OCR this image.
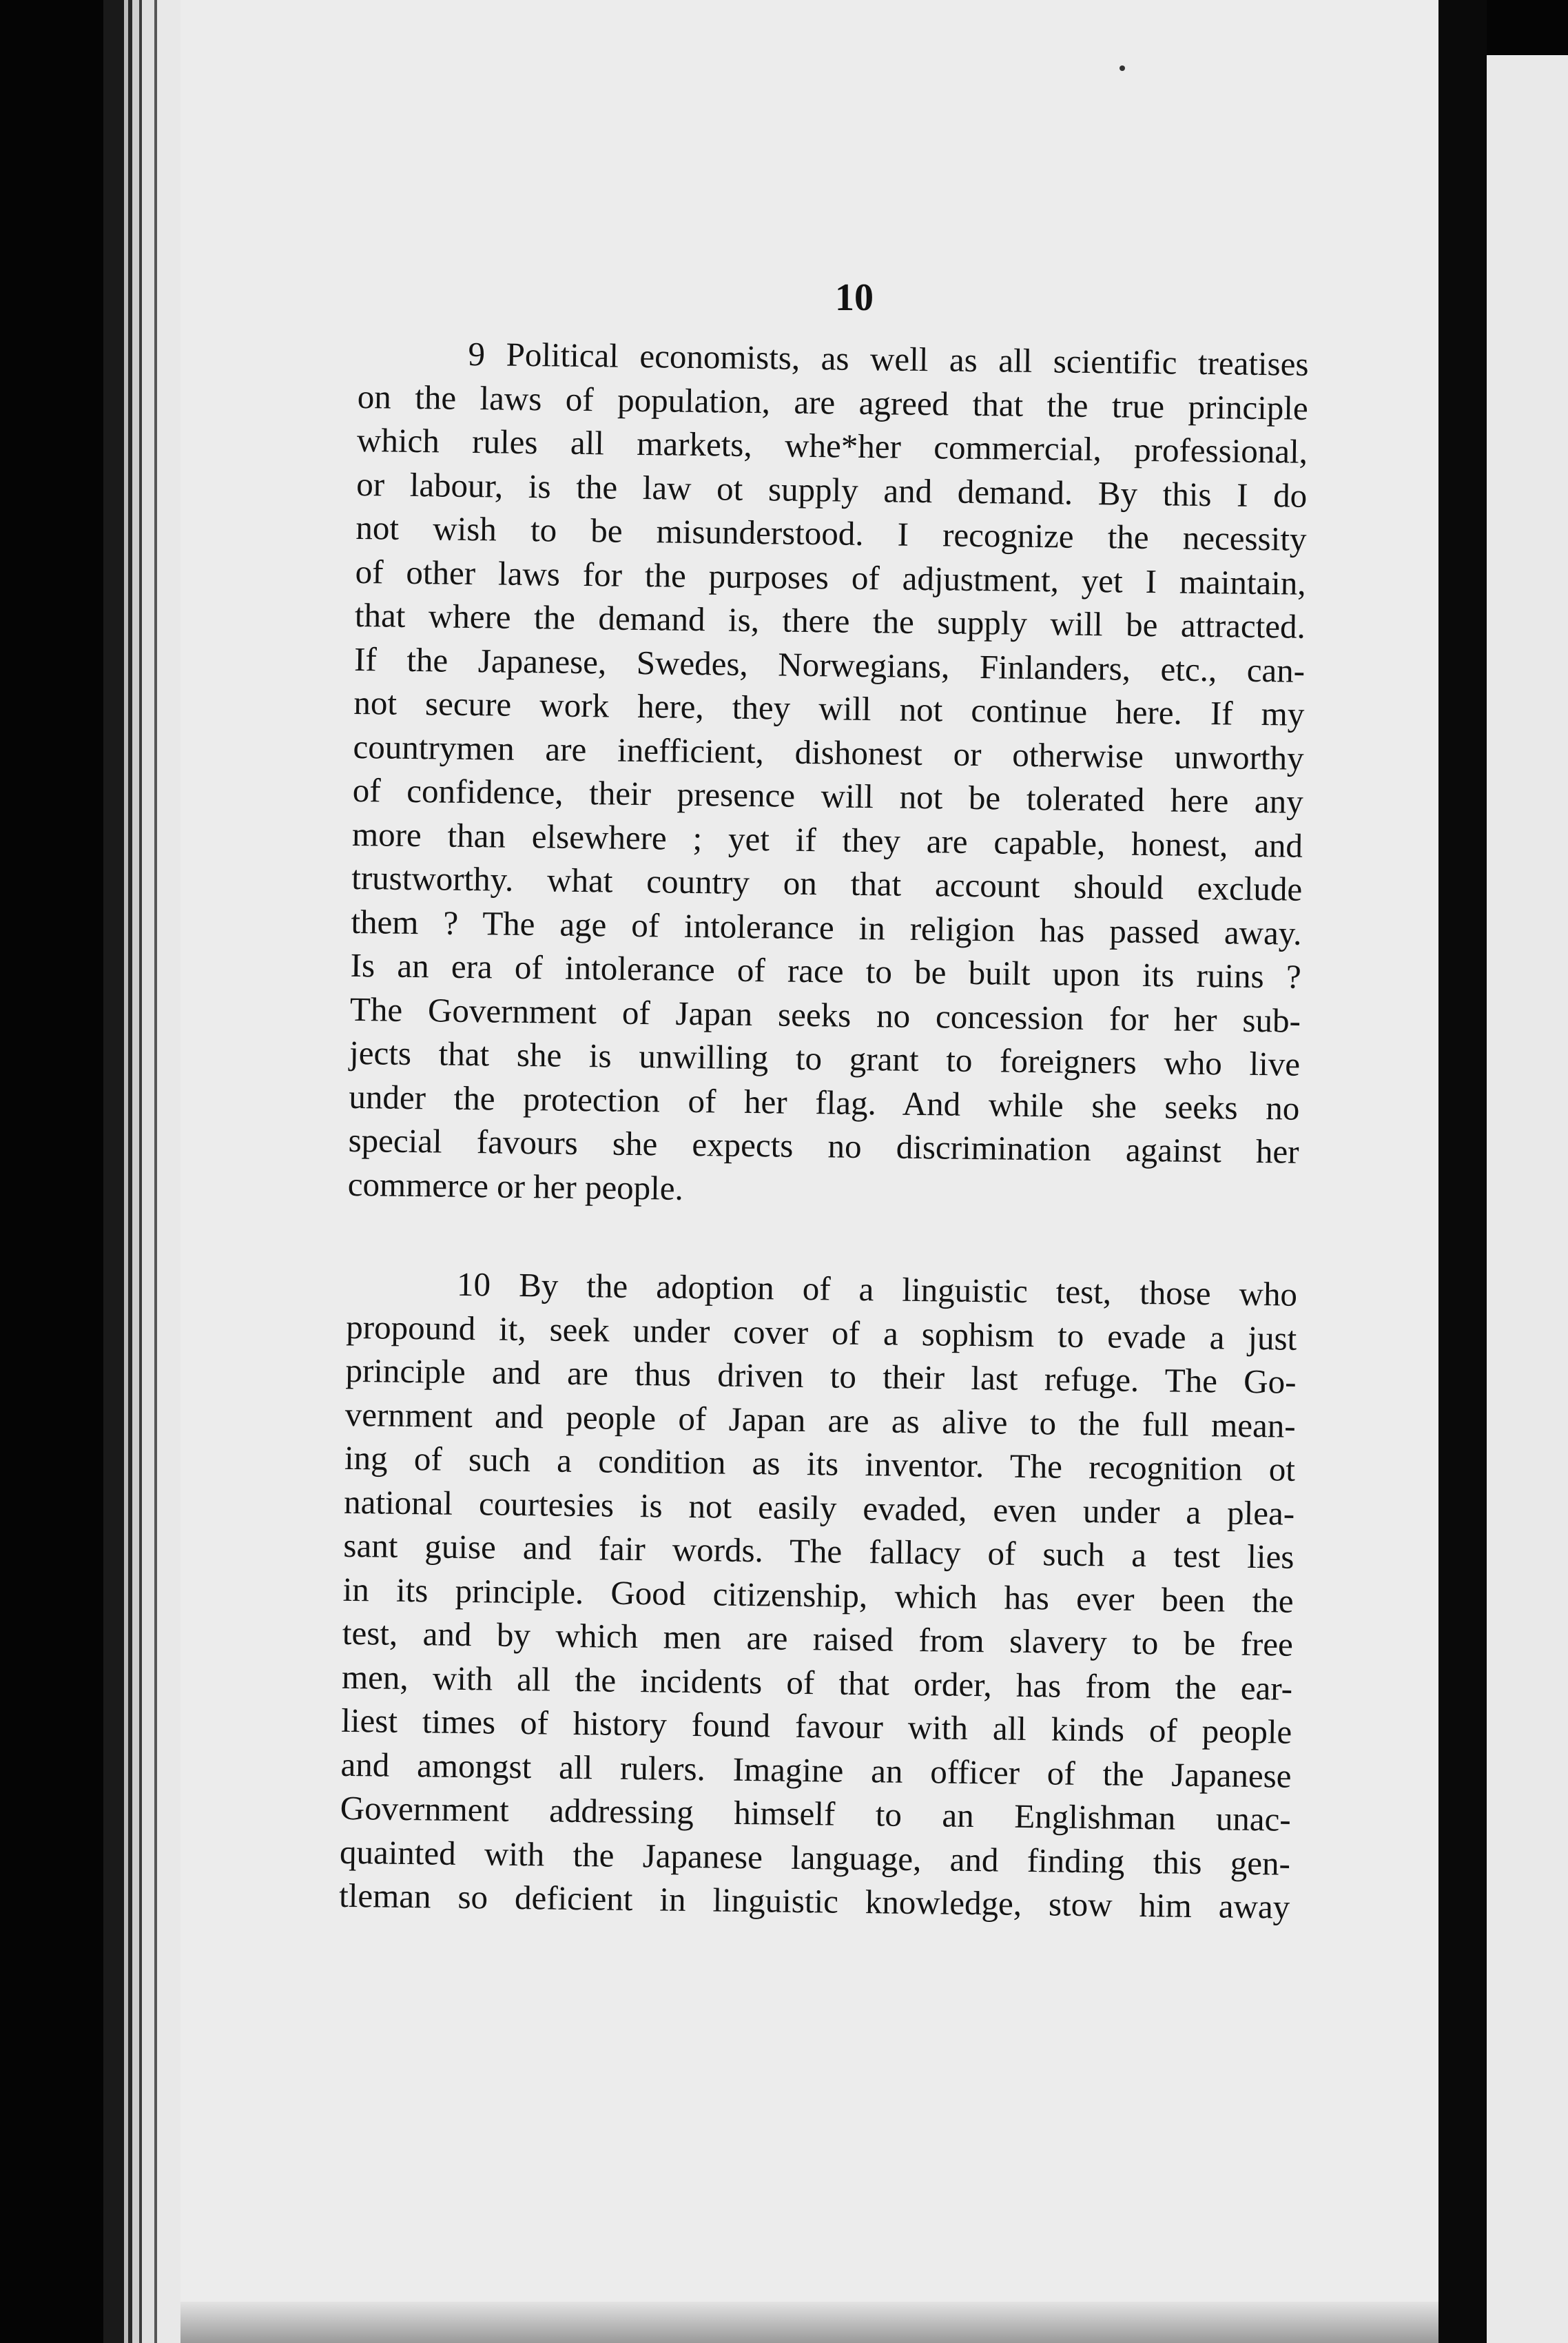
10
9 Political economists, as well as all scientific treatises
on the laws of population, are agreed that the true principle
which rules all markets, whe*her commercial, professional,
or labour, is the law ot supply and demand. By this I do
not wish to be misunderstood. I recognize the necessity
of other laws for the purposes of adjustment, yet I maintain,
that where the demand is, there the supply will be attracted.
If the Japanese, Swedes, Norwegians, Finlanders, etc., can-
not secure work here, they will not continue here. If my
countrymen are inefficient, dishonest or otherwise unworthy
of confidence, their presence will not be tolerated here any
more than elsewhere ; yet if they are capable, honest, and
trustworthy. what country on that account should exclude
them ? The age of intolerance in religion has passed away.
Is an era of intolerance of race to be built upon its ruins ?
The Government of Japan seeks no concession for her sub-
jects that she is unwilling to grant to foreigners who live
under the protection of her flag. And while she seeks no
special favours she expects no discrimination against her
commerce or her people.
10 By the adoption of a linguistic test, those who
propound it, seek under cover of a sophism to evade a just
principle and are thus driven to their last refuge. The Go-
vernment and people of Japan are as alive to the full mean-
ing of such a condition as its inventor. The recognition ot
national courtesies is not easily evaded, even under a plea-
sant guise and fair words. The fallacy of such a test lies
in its principle. Good citizenship, which has ever been the
test, and by which men are raised from slavery to be free
men, with all the incidents of that order, has from the ear-
liest times of history found favour with all kinds of people
and amongst all rulers. Imagine an officer of the Japanese
Government addressing himself to an Englishman unac-
quainted with the Japanese language, and finding this gen-
tleman so deficient in linguistic knowledge, stow him away
